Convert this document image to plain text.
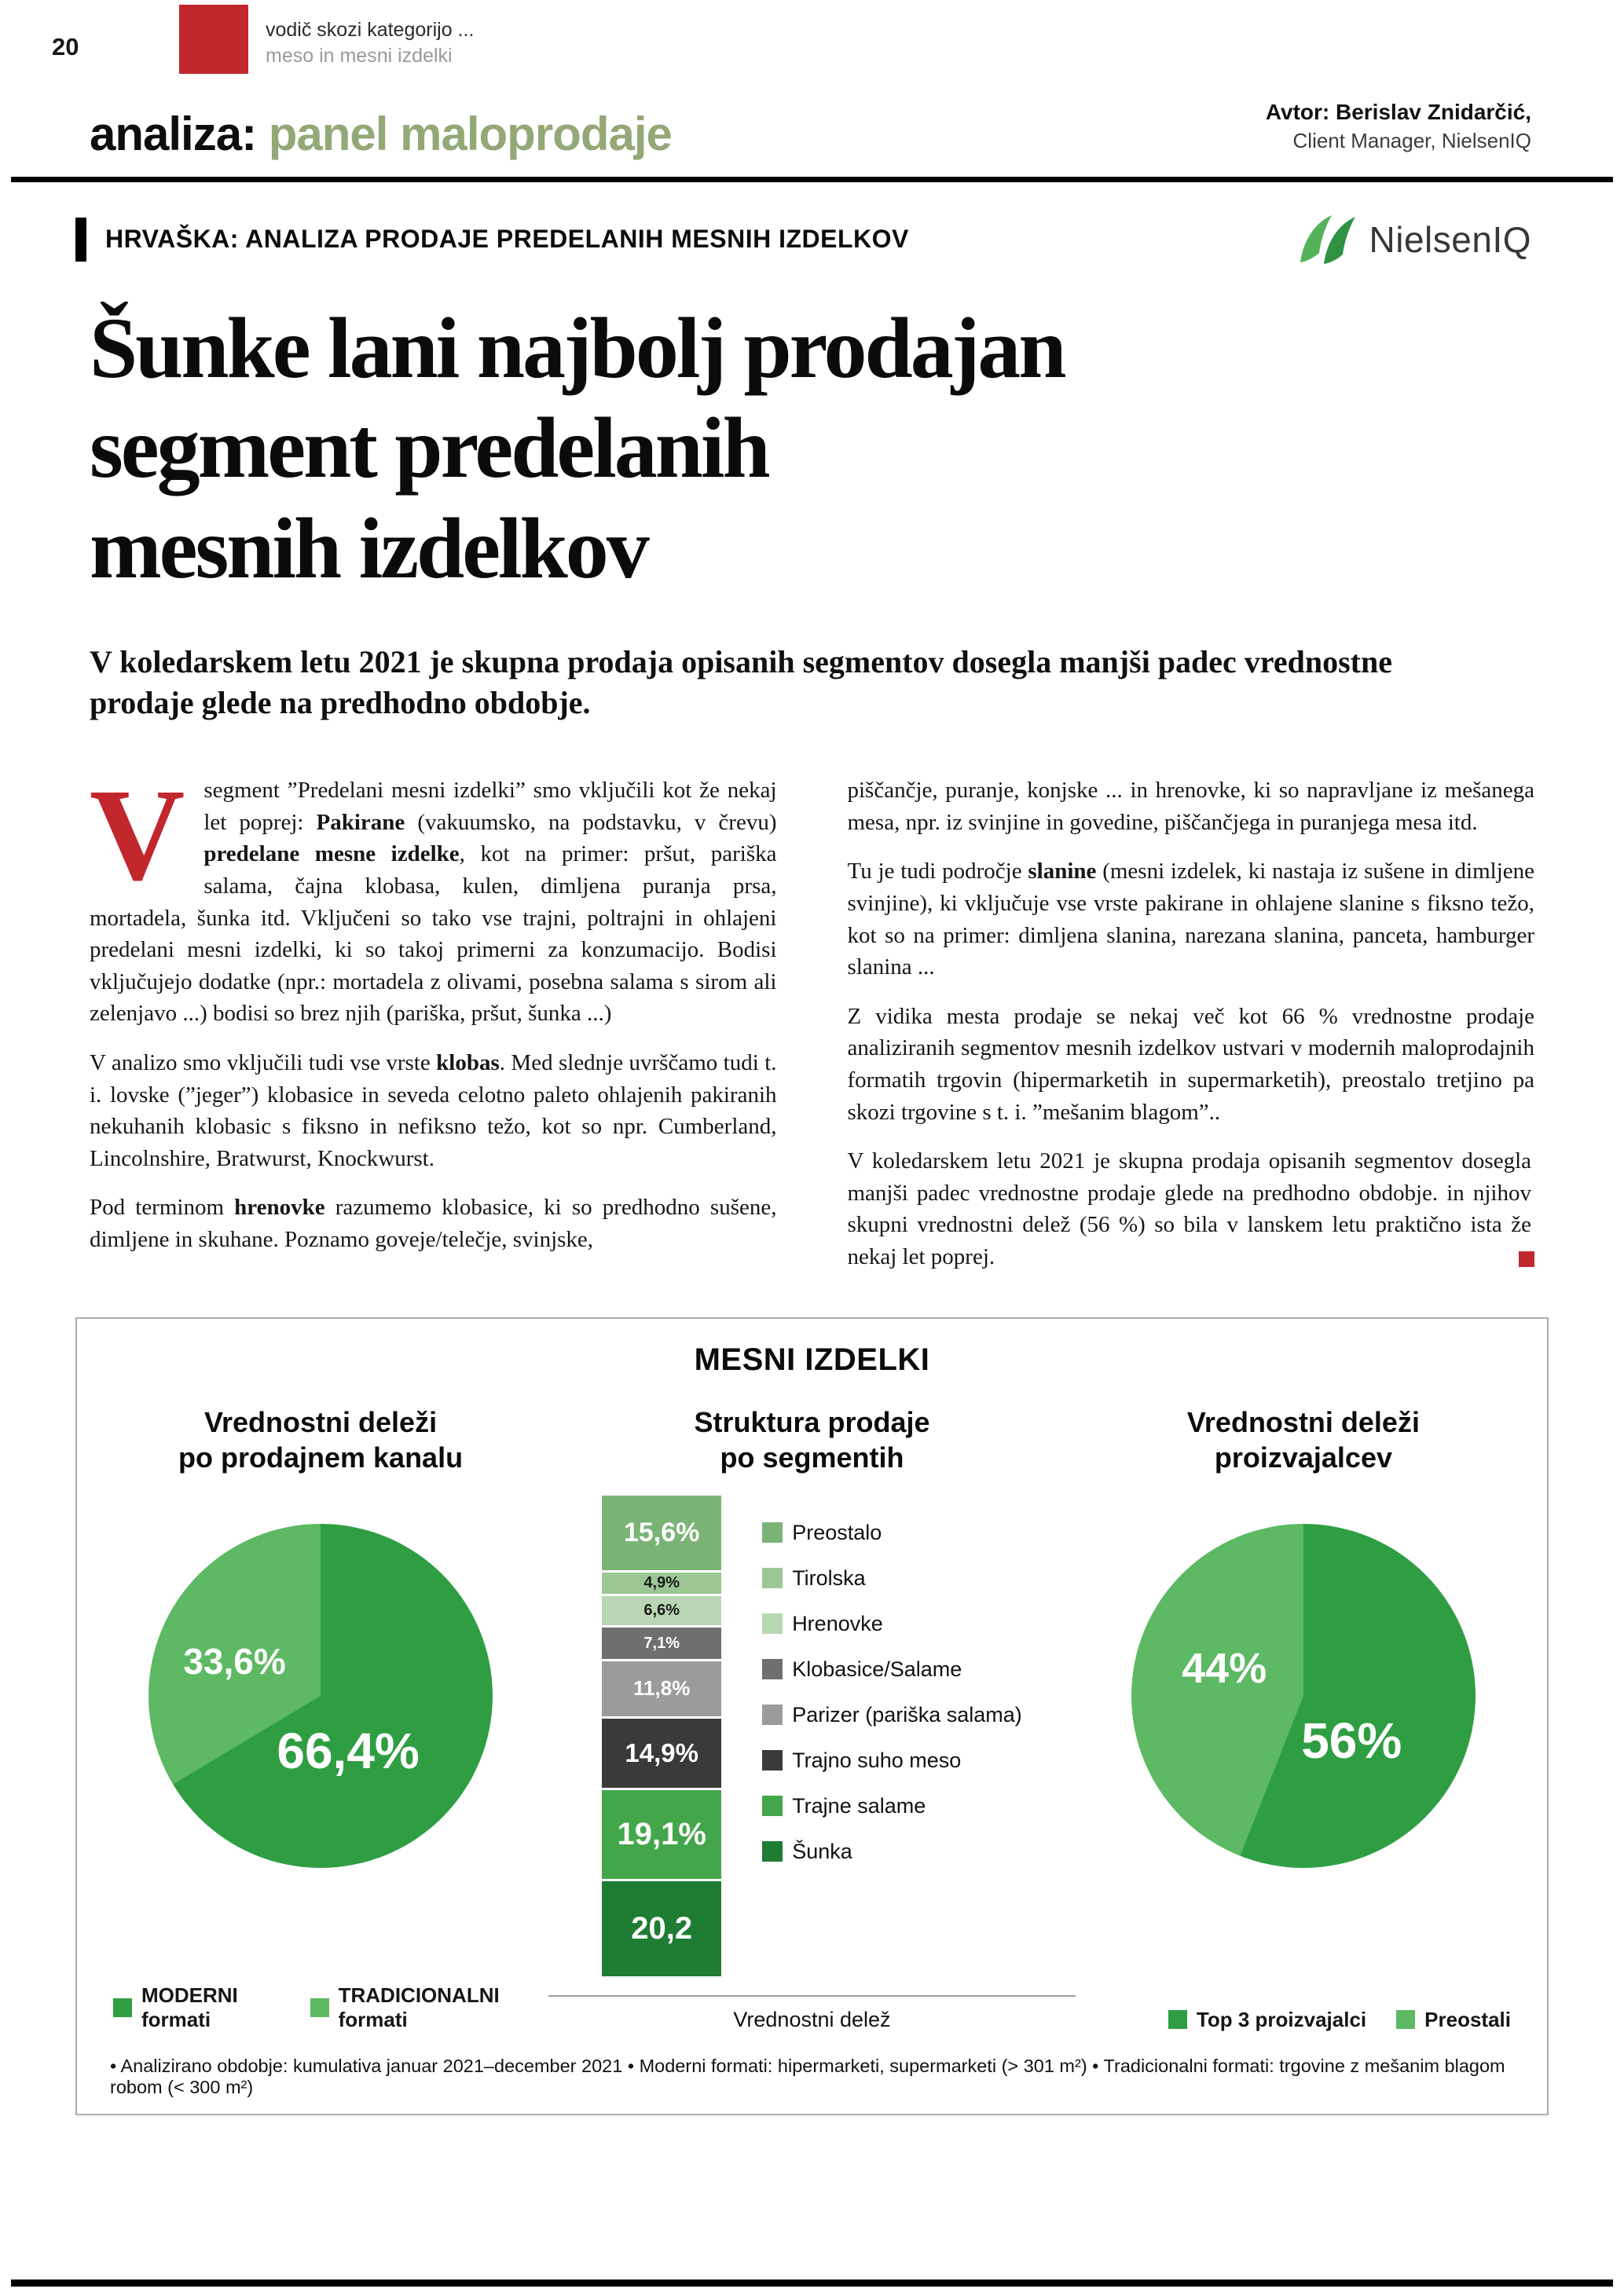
20
vodič skozi kategorijo ...
meso in mesni izdelki
analiza: panel maloprodaje	Avtor: Berislav Znidarčić,
Client Manager, NielsenIQ
HRVAŠKA: ANALIZA PRODAJE PREDELANIH MESNIH IZDELKOV	NielsenIQ
Šunke lani najbolj prodajan
segment predelanih
mesnih izdelkov
V koledarskem letu 2021 je skupna prodaja opisanih segmentov dosegla manjši padec vrednostne prodaje glede na predhodno obdobje.

Vsegment ”Predelani mesni izdelki” smo vključili kot že nekaj let poprej: Pakirane (vakuumsko, na podstavku, v črevu) predelane mesne izdelke, kot na primer: pršut, pariška salama, čajna klobasa, kulen, dimljena puranja prsa, mortadela, šunka itd. Vključeni so tako vse trajni, poltrajni in ohlajeni predelani mesni izdelki, ki so takoj primerni za konzumacijo. Bodisi vključujejo dodatke (npr.: mortadela z olivami, posebna salama s sirom ali zelenjavo ...) bodisi so brez njih (pariška, pršut, šunka ...)

V analizo smo vključili tudi vse vrste klobas. Med slednje uvrščamo tudi t. i. lovske (”jeger”) klobasice in seveda celotno paleto ohlajenih pakiranih nekuhanih klobasic s fiksno in nefiksno težo, kot so npr. Cumberland, Lincolnshire, Bratwurst, Knockwurst.

Pod terminom hrenovke razumemo klobasice, ki so predhodno sušene, dimljene in skuhane. Poznamo goveje/telečje, svinjske,

piščančje, puranje, konjske ... in hrenovke, ki so napravljane iz mešanega mesa, npr. iz svinjine in govedine, piščančjega in puranjega mesa itd.

Tu je tudi področje slanine (mesni izdelek, ki nastaja iz sušene in dimljene svinjine), ki vključuje vse vrste pakirane in ohlajene slanine s fiksno težo, kot so na primer: dimljena slanina, narezana slanina, panceta, hamburger slanina ...

Z vidika mesta prodaje se nekaj več kot 66 % vrednostne prodaje analiziranih segmentov mesnih izdelkov ustvari v modernih maloprodajnih formatih trgovin (hipermarketih in supermarketih), preostalo tretjino pa skozi trgovine s t. i. ”mešanim blagom”..

V koledarskem letu 2021 je skupna prodaja opisanih segmentov dosegla manjši padec vrednostne prodaje glede na predhodno obdobje. in njihov skupni vrednostni delež (56 %) so bila v lanskem letu praktično ista že nekaj let poprej.

MESNI IZDELKI
Vrednostni deleži
po prodajnem kanalu
66,4%
33,6%
MODERNI formati
TRADICIONALNI formati
Struktura prodaje
po segmentih
15,6%
4,9%
6,6%
7,1%
11,8%
14,9%
19,1%
20,2
Preostalo
Tirolska
Hrenovke
Klobasice/Salame
Parizer (pariška salama)
Trajno suho meso
Trajne salame
Šunka
Vrednostni delež
Vrednostni deleži
proizvajalcev
56%
44%
Top 3 proizvajalci	Preostali
• Analizirano obdobje: kumulativa januar 2021–december 2021 • Moderni formati: hipermarketi, supermarketi (> 301 m²) • Tradicionalni formati: trgovine z mešanim blagom robom (< 300 m²)
